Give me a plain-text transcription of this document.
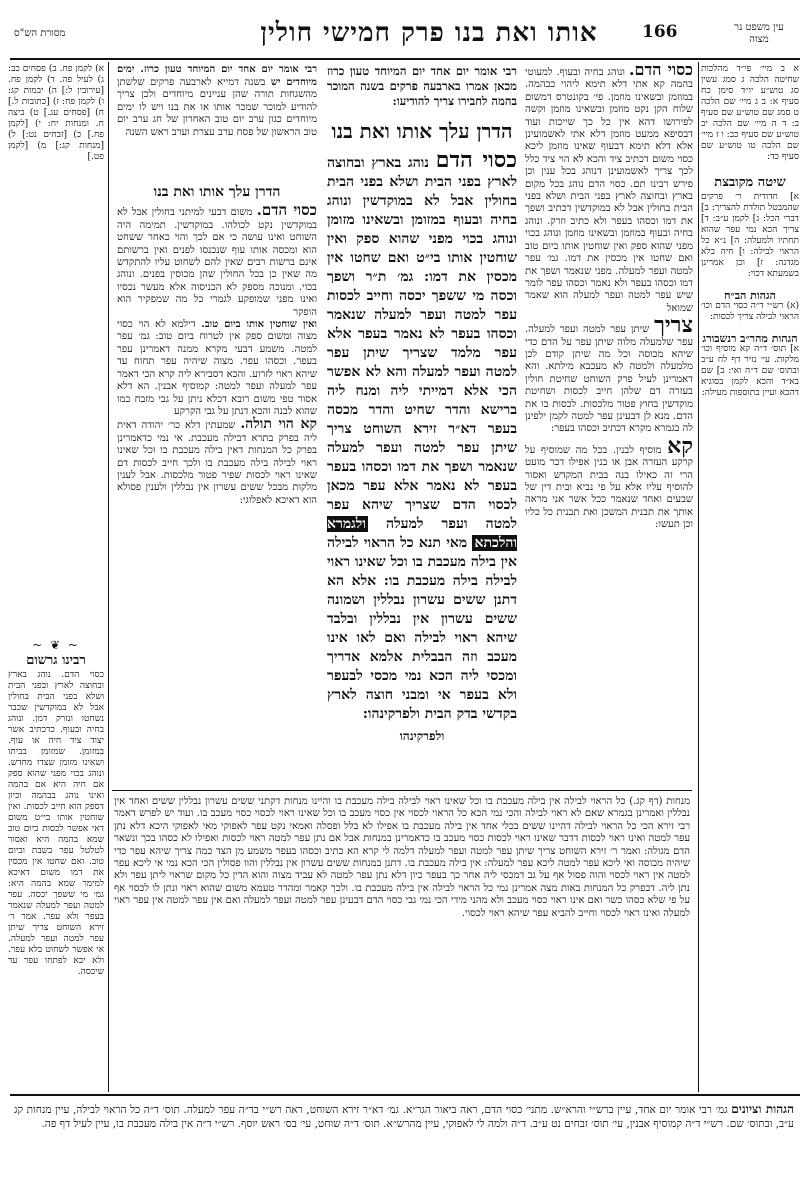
עין משפט נר מצוה
166
אותו ואת בנו פרק חמישי חולין
מסורת הש"ס
א ב מיי׳ פי״ד מהלכות שחיטה הלכה ג סמג עשין סג טוש״ע יו״ד סימן כח סעיף א: ב ג מיי׳ שם הלכה ט סמג שם טוש״ע שם סעיף ב: ד ה מיי׳ שם הלכה יב טוש״ע שם סעיף כב: ו ז מיי׳ שם הלכה טו טוש״ע שם סעיף כד:
שיטה מקובצת
א] חדודית ר׳ פרקים שהמבטל תולדת להצריך: ב] דברי הכל: ג] לקמן ע״ב: ד] צריך הכא נמי עפר שהוא תחתיו ולמעלה: ה] נ״א כל הראוי לבילה: ו] חיה בלא מגדנה: ז] וכן אמרינן בשמעתא דכוי:
הגהות הב״ח
(א) רש״י ד״ה כסוי הדם וכו׳ הראוי לבילה צריך לכסות:
הגהות מהר״ב רנשבורג
א] תוס׳ ד״ה קא מוסיף וכו׳ מלקות. עי׳ נזיר דף לח ע״ב ובתוס׳ שם ד״ה ואי: ב] שם בא״ד והכא לקמן בסוגיא דהכא ועיין בתוספות מעילה:
כסוי הדם. ונוהג בחיה ובעוף. למעוטי בהמה קא אתי דלא תימא ליהוי כבהמה. במוזמן ובשאינו מוזמן. פי׳ בקונטרס דמשום שלוח הקן נקט מוזמן ובשאינו מוזמן וקשה לפירושו דהא אין כל כך שייכות ועוד דבסיפא ממעט מוזמן דלא אתי לאשמועינן אלא דלא תימא דבעוף שאינו מוזמן ליכא כסוי משום דכתיב ציד והכא לא הוי ציד כלל לכך צריך לאשמועינן דנוהג בכל ענין וכן פירש רבינו תם. כסוי הדם נוהג בכל מקום בארץ ובחוצה לארץ בפני הבית ושלא בפני הבית בחולין אבל לא במוקדשין דכתיב ושפך את דמו וכסהו בעפר ולא כתיב וזרק. ונוהג בחיה ובעוף במוזמן ובשאינו מוזמן ונוהג בכוי מפני שהוא ספק ואין שוחטין אותו ביום טוב ואם שחטו אין מכסין את דמו. גמ׳ עפר למטה ועפר למעלה. מפני שנאמר ושפך את דמו וכסהו בעפר ולא נאמר וכסהו עפר לומר שיש עפר למטה ועפר למעלה הוא שאמר שמואל
צריך שיתן עפר למטה ועפר למעלה. עפר שלמעלה מלוה שיתן עפר על הדם כדי שיהא מכוסה וכל מה שיתן קודם לכן מלמעלה ולמטה לא מעכבא מילתא. והא דאמרינן לעיל פרק השוחט שחיטת חולין בעזרה דם שלהן חייב לכסות ושחיטת מוקדשין בחוץ פטור מלכסות. לכסות בו את הדם. מנא לן דבעינן עפר למטה לקמן ילפינן לה בגמרא מקרא דכתיב וכסהו בעפר:
קא מוסיף לבנין. בכל מה שמוסיף על קרקע העזרה אבן או בנין אפילו דבר מועט הרי זה כאילו בנה בבית המקדש ואסור להוסיף עליו אלא על פי נביא ובית דין של שבעים ואחד שנאמר ככל אשר אני מראה אותך את תבנית המשכן ואת תבנית כל כליו וכן תעשו:
רבי אומר יום אחד יום המיוחד טעון כרוז מכאן אמרו בארבעה פרקים בשנה המוכר בהמה לחבירו צריך להודיעו:
הדרן עלך אותו ואת בנו
כסוי הדם נוהג בארץ ובחוצה לארץ בפני הבית ושלא בפני הבית בחולין אבל לא במוקדשין ונוהג בחיה ובעוף במזומן ובשאינו מזומן ונוהג בכוי מפני שהוא ספק ואין שוחטין אותו בי״ט ואם שחטו אין מכסין את דמו: גמ׳ ת״ר ושפך וכסה מי ששפך יכסה וחייב לכסות עפר למטה ועפר למעלה שנאמר וכסהו בעפר לא נאמר בעפר אלא עפר מלמד שצריך שיתן עפר למטה ועפר למעלה והא לא אפשר הכי אלא דמייתי ליה ומנח ליה ברישא והדר שחיט והדר מכסה בעפר דא״ר זירא השוחט צריך שיתן עפר למטה ועפר למעלה שנאמר ושפך את דמו וכסהו בעפר בעפר לא נאמר אלא עפר מכאן לכסוי הדם שצריך שיהא עפר למטה ועפר למעלה ולגמרא והלכתא מאי תנא כל הראוי לבילה אין בילה מעכבת בו וכל שאינו ראוי לבילה בילה מעכבת בו: אלא הא דתנן ששים עשרון נבללין ושמונה ששים עשרון אין נבללין ובלבד שיהא ראוי לבילה ואם לאו אינו מעכב וזה הבבלית אלמא אדריך ומכסי ליה הכא נמי מכסי לבעפר ולא בעפר אי ומבני חוצה לארץ בקדשי בדק הבית ולפרקינהו:
ולפרקינהו
רבי אומר יום אחד יום המיוחד טעון כרוז. ימים מיוחדים יש בשנה דמייא לארבעה פרקים שלשתן מהשגחות תורה שהן עניינים מיוחדים ולכן צריך להודיע למוכר שמכר אותו או את בנו ויש לו ימים מיוחדים כגון ערב יום טוב האחרון של חג ערב יום טוב הראשון של פסח ערב עצרת וערב ראש השנה
הדרן עלך אותו ואת בנו
כסוי הדם. משום דבעי למיתני בחולין אבל לא במוקדשין נקט לכולהו. במוקדשין. תמימה היה השוחט ואינו עושה כי אם לכך והוי כאחר ששחט הוא ומכסה אותו עוף שנכנסו לפנים ואין ברשותם אינם ברשות רבים שאין להם לשחוט עליו להתקדש מה שאין כן בכל החולין שהן מכוסין בפנים. ונוהג בכוי. ומנוכה מספק לא הכניסוה אלא מעשר נכסיו ואינו מפני שמופקע לגמרי כל מה שמפקיר הוא הופקר
ואין שוחטין אותו ביום טוב. דילמא לא הוי כסוי מצוה ומשום ספק אין לטרוח ביום טוב: גמ׳ עפר למטה. משמע דבעי מקרא ממנה דאמרינן עפר בעפר. וכסהו עפר. מצוה שיהיה עפר תחוח עד שיהא ראוי לזרוע. והכא דסבירא ליה קרא הכי דאמר עפר למעלה ועפר למטה: קמוסיף אבנין. הא דלא אסור טפי משום רובא דכלא ניתן על גבי מזבח כמו שהוא לבנה והכא דנתן על גבי הקרקע
קא הוי תולה. שמעתין דלא כר׳ יהודה דאית ליה בפרק בתרא דבילה מעכבת. אי נמי כדאמרינן בפרק כל המנחות דאין בילה מעכבת בו וכל שאינו ראוי לבילה בילה מעכבת בו ולכך חייב לכסות דם שאינו ראוי לכסות שפיר פטור מלכסות. אבל לענין מלקות מבכל ששים עשרון אין נבללין ולענין פסולא הוא דאיכא לאפלוגי:
א) לקמן פח. ב) פסחים כב: ג) לעיל פה. ד) לקמן פח. [עירובין ל:] ה) יבמות קג: ו) לקמן פח: ז) [כתובות ל.] ח) [פסחים עג.] ט) ביצה ח. ומנחות יח: י) [לקמן פח.] כ) [זבחים נט:] ל) [מנחות קג:] מ) [לקמן פט.]
~ ❦ ~
רבינו גרשום
כסוי הדם. נוהג בארץ ובחוצה לארץ ובפני הבית ושלא בפני הבית בחולין אבל לא במוקדשין שכבר נשחטו ונזרק דמן. ונוהג בחיה ובעוף. כדכתיב אשר יצוד ציד חיה או עוף. במזומן. שמזומן בביתו ושאינו מזומן שצדו מחדש. ונוהג בכוי מפני שהוא ספק אם חיה היא אם בהמה ואינו נוהג בבהמה וכיון דספק הוא חייב לכסות. ואין שוחטין אותו בי״ט משום דאי אפשר לכסות ביום טוב שמא בהמה היא ואסור לטלטל עפר בשבת וביום טוב. ואם שחטו אין מכסין את דמו משום דאיכא למימר שמא בהמה היא: גמ׳ מי ששפך יכסה. עפר למטה ועפר למעלה שנאמר בעפר ולא עפר. אמר ר׳ זירא השוחט צריך שיתן עפר למטה ועפר למעלה. אי אפשר לשחוט בלא עפר. ולא יבא לפתחו עפר עד שיכסה.
מנחות (דף קג.) כל הראוי לבילה אין בילה מעכבת בו וכל שאינו ראוי לבילה בילה מעכבת בו והיינו מנחות דקתני ששים עשרון נבללין ששים ואחד אין נבללין ואמרינן בגמרא שאם לא ראוי לבילה והכי נמי הכא כל הראוי לכסוי אין כסוי מעכב בו וכל שאינו ראוי לכסוי כסוי מעכב בו. ועוד יש לפרש דאמר רבי זירא הכי כל הראוי לבילה דהיינו ששים בכלי אחד אין בילה מעכבת בו אפילו לא בלל ופסלה ואמאי נקט עפר לאפוקי מאי לאפוקי היכא דלא נתן עפר למטה ואינו ראוי לכסות דדבר שאינו ראוי לכסות כסוי מעכב בו כדאמרינן במנחות אבל אם נתן עפר למטה ראוי לכסות ואפילו לא כסהו בכך ונשאר הדם מגולה: ואמר ר׳ זירא השוחט צריך שיתן עפר למטה ועפר למעלה דלמה לי קרא הא כתיב וכסהו בעפר משמע מן הצד כמה צריך שיהא עפר כדי שיהיה מכוסה ואי ליכא עפר למטה ליכא עפר למעלה: אין בילה מעכבת בו. דתנן במנחות ששים עשרון אין נבללין והוו פסולין הכי הכא נמי אי ליכא עפר למטה אין ראוי לכסוי והוה פסול אף על גב דמכסי ליה אחר כך בעפר כיון דלא נתן עפר למטה לא עביד מצוה והוא הדין כל מקום שראוי ליתן עפר ולא נתן ליה. דבפרק כל המנחות באות מצה אמרינן נמי כל הראוי לבילה אין בילה מעכבת בו. ולכך קאמר ומהדר טעמא משום שהוא ראוי ונתן לו לכסוי אף על פי שלא כסהו כשר ואם אינו ראוי כסוי מעכב ולא מהני מידי הכי נמי גבי כסוי הדם דבעינן עפר למטה ועפר למעלה ואם אין עפר למטה אין עפר ראוי למעלה ואינו ראוי לכסוי וחייב להביא עפר שיהא ראוי לכסוי.
הגהות וציונים גמ׳ רבי אומר יום אחד, עיין ברש״י והרא״ש. מתני׳ כסוי הדם, ראה ביאור הגר״א. גמ׳ דא״ר זירא השוחט, ראה רש״י בד״ה עפר למעלה. תוס׳ ד״ה כל הראוי לבילה, עיין מנחות קג ע״ב, ובתוס׳ שם. רש״י ד״ה קמוסיף אבנין, עי׳ תוס׳ זבחים נט ע״ב. ד״ה ולמה לי לאפוקי, עיין מהרש״א. תוס׳ ד״ה שוחט, עי׳ בס׳ ראש יוסף. רש״י ד״ה אין בילה מעכבת בו, עיין לעיל דף פה.
